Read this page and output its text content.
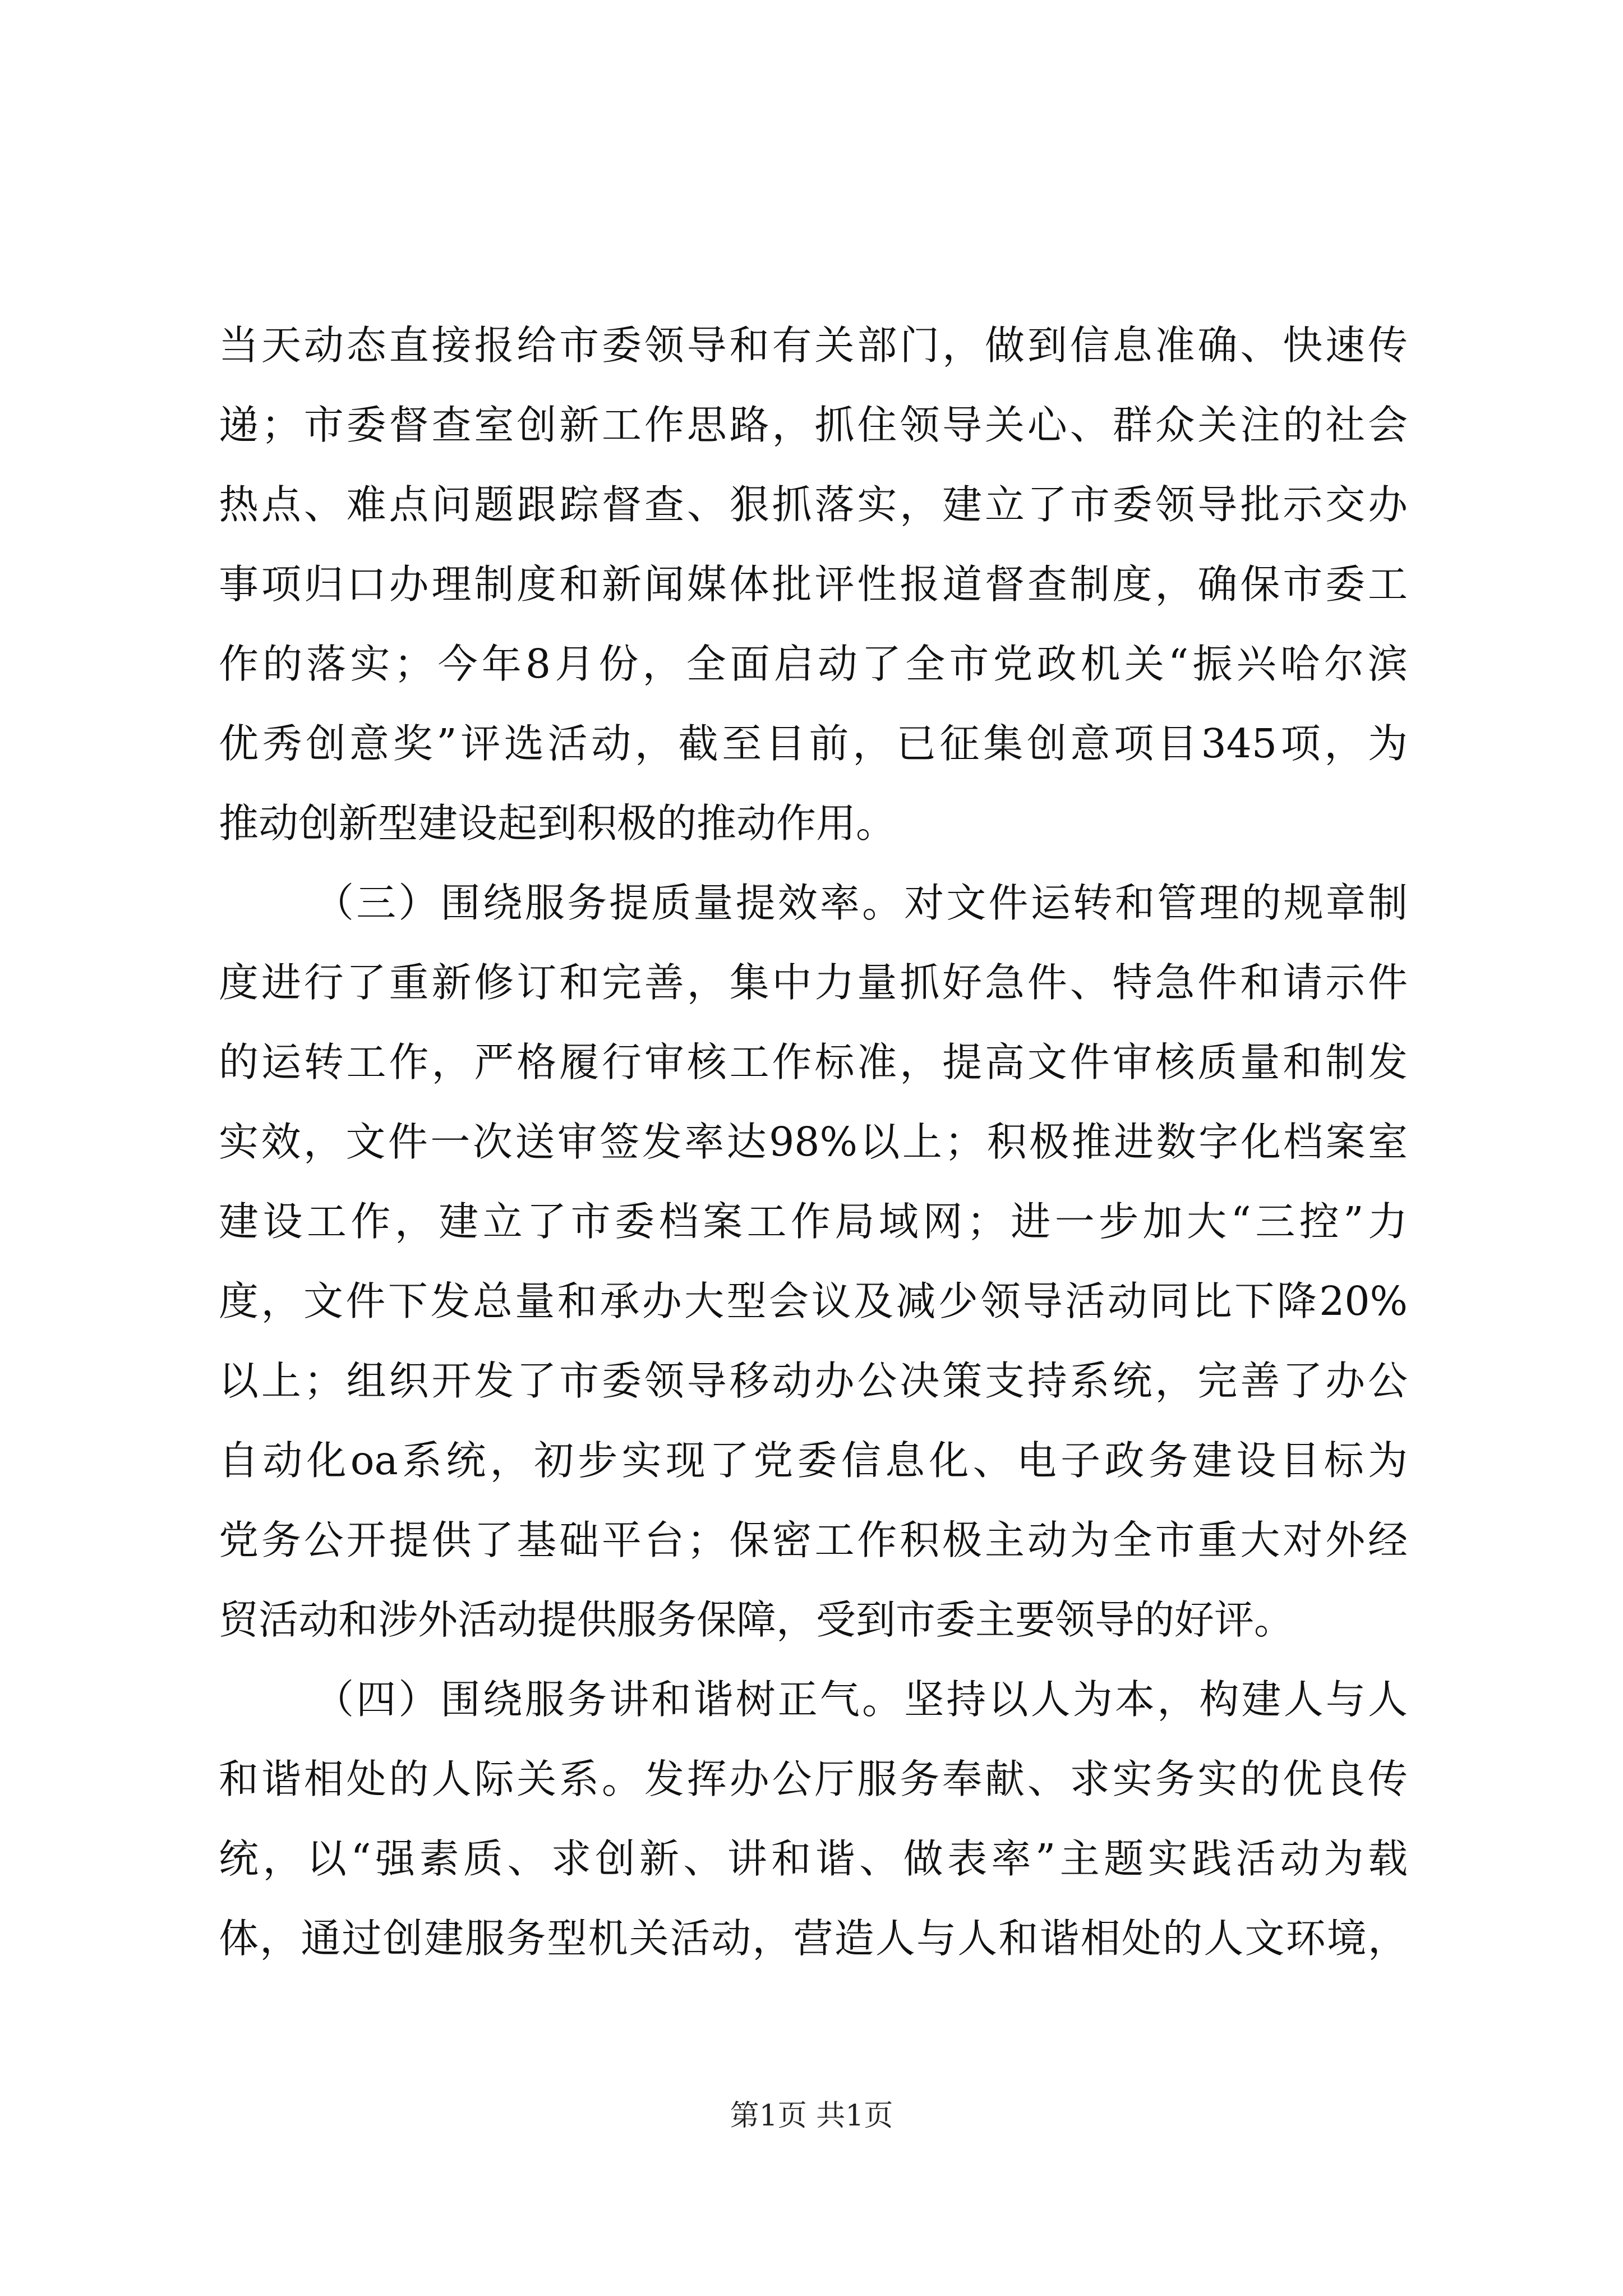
当天动态直接报给市委领导和有关部门，做到信息准确、快速传
递；市委督查室创新工作思路，抓住领导关心、群众关注的社会
热点、难点问题跟踪督查、狠抓落实，建立了市委领导批示交办
事项归口办理制度和新闻媒体批评性报道督查制度，确保市委工
作的落实；今年8月份，全面启动了全市党政机关“振兴哈尔滨
优秀创意奖”评选活动，截至目前，已征集创意项目345项，为
推动创新型建设起到积极的推动作用。
（三）围绕服务提质量提效率。对文件运转和管理的规章制
度进行了重新修订和完善，集中力量抓好急件、特急件和请示件
的运转工作，严格履行审核工作标准，提高文件审核质量和制发
实效，文件一次送审签发率达98%以上；积极推进数字化档案室
建设工作，建立了市委档案工作局域网；进一步加大“三控”力
度，文件下发总量和承办大型会议及减少领导活动同比下降20%
以上；组织开发了市委领导移动办公决策支持系统，完善了办公
自动化oa系统，初步实现了党委信息化、电子政务建设目标为
党务公开提供了基础平台；保密工作积极主动为全市重大对外经
贸活动和涉外活动提供服务保障，受到市委主要领导的好评。
（四）围绕服务讲和谐树正气。坚持以人为本，构建人与人
和谐相处的人际关系。发挥办公厅服务奉献、求实务实的优良传
统，以“强素质、求创新、讲和谐、做表率”主题实践活动为载
体，通过创建服务型机关活动，营造人与人和谐相处的人文环境，
第1页 共1页
